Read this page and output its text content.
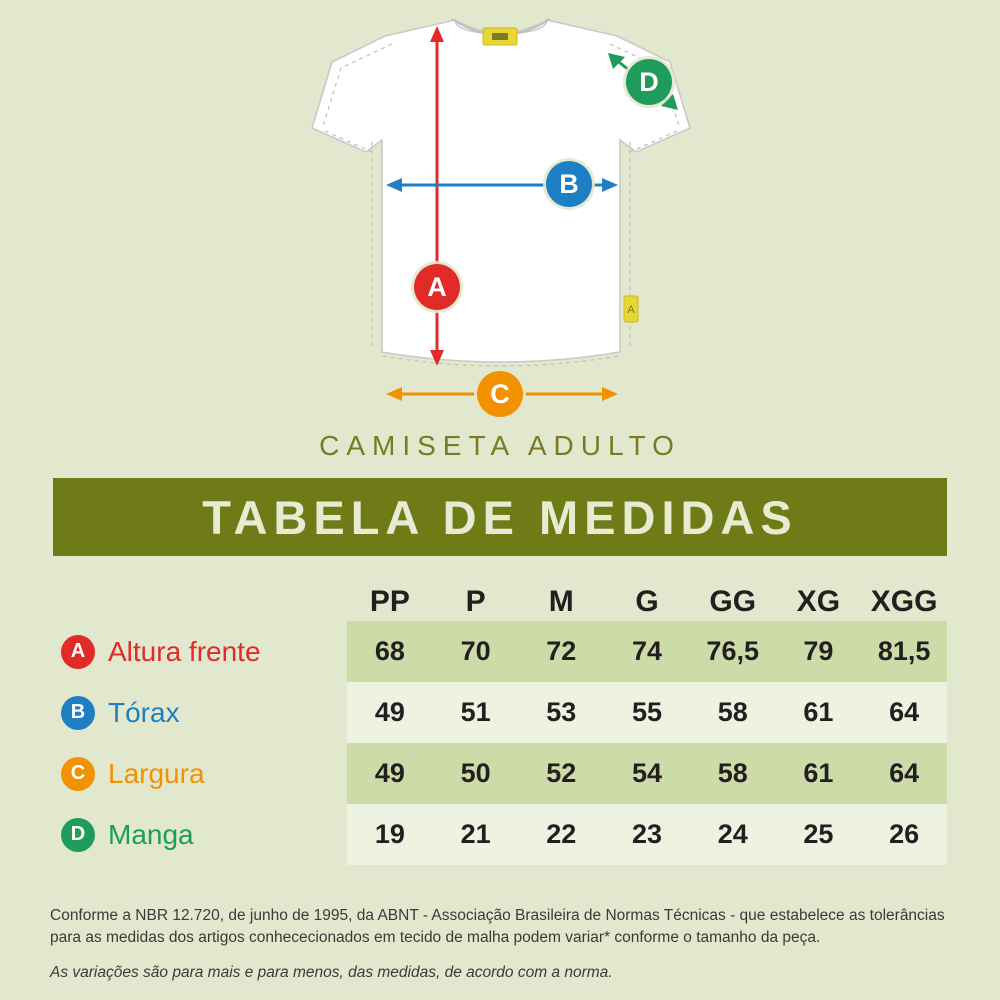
A
A
B
C
D
CAMISETA ADULTO
TABELA DE MEDIDAS
	PP	P	M	G	GG	XG	XGG

A Altura frente	68	70	72	74	76,5	79	81,5

B Tórax	49	51	53	55	58	61	64

C Largura	49	50	52	54	58	61	64

D Manga	19	21	22	23	24	25	26
Conforme a NBR 12.720, de junho de 1995, da ABNT - Associação Brasileira de Normas Técnicas - que estabelece as tolerâncias para as medidas dos artigos conhececionados em tecido de malha podem variar* conforme o tamanho da peça.
As variações são para mais e para menos, das medidas, de acordo com a norma.
